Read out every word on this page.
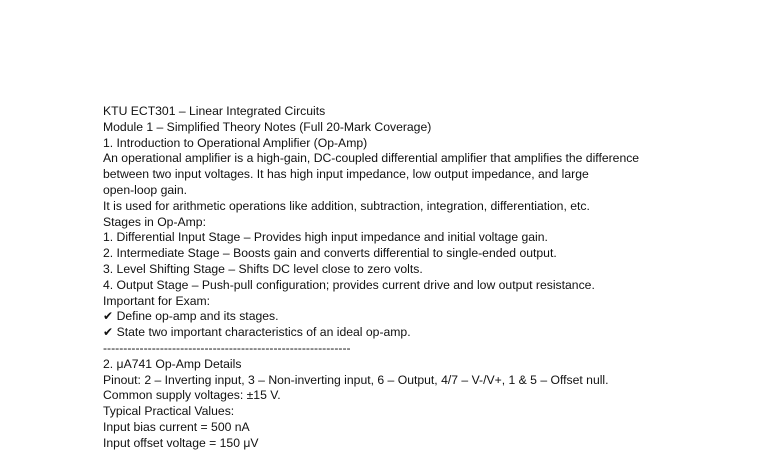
KTU ECT301 – Linear Integrated Circuits

Module 1 – Simplified Theory Notes (Full 20-Mark Coverage)

1. Introduction to Operational Amplifier (Op-Amp)

An operational amplifier is a high-gain, DC-coupled differential amplifier that amplifies the difference

between two input voltages. It has high input impedance, low output impedance, and large

open-loop gain.

It is used for arithmetic operations like addition, subtraction, integration, differentiation, etc.

Stages in Op-Amp:

1. Differential Input Stage – Provides high input impedance and initial voltage gain.

2. Intermediate Stage – Boosts gain and converts differential to single-ended output.

3. Level Shifting Stage – Shifts DC level close to zero volts.

4. Output Stage – Push-pull configuration; provides current drive and low output resistance.

Important for Exam:

✔ Define op-amp and its stages.

✔ State two important characteristics of an ideal op-amp.

-------------------------------------------------------------

2. μA741 Op-Amp Details

Pinout: 2 – Inverting input, 3 – Non-inverting input, 6 – Output, 4/7 – V-/V+, 1 & 5 – Offset null.

Common supply voltages: ±15 V.

Typical Practical Values:

Input bias current = 500 nA

Input offset voltage = 150 μV
